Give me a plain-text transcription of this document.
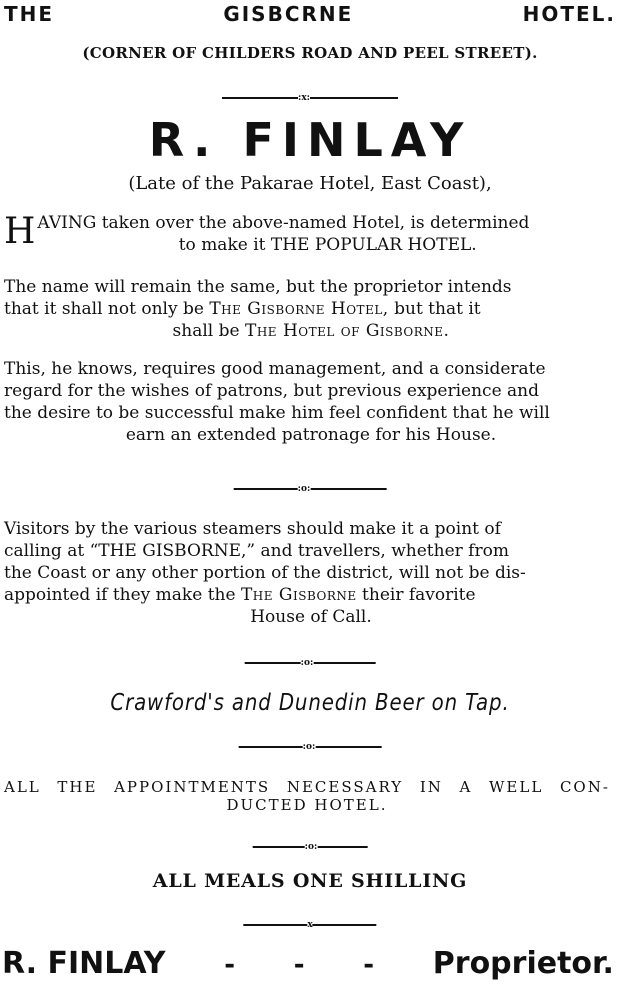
THE	GISBCRNE	HOTEL.
(CORNER OF CHILDERS ROAD AND PEEL STREET).
:x:
R. FINLAY
(Late of the Pakarae Hotel, East Coast),
H AVING taken over the above-named Hotel, is determined

to make it THE POPULAR HOTEL.

The name will remain the same, but the proprietor intends

that it shall not only be The Gisborne Hotel, but that it

shall be The Hotel of Gisborne.

This, he knows, requires good management, and a considerate

regard for the wishes of patrons, but previous experience and

the desire to be successful make him feel confident that he will

earn an extended patronage for his House.

:o:

Visitors by the various steamers should make it a point of

calling at “THE GISBORNE,” and travellers, whether from

the Coast or any other portion of the district, will not be dis-

appointed if they make the The Gisborne their favorite

House of Call.

:o:
Crawford's and Dunedin Beer on Tap.
:o:
ALL THE APPOINTMENTS NECESSARY IN A WELL CON-
DUCTED HOTEL.
:o:
ALL MEALS ONE SHILLING
x
R. FINLAY - - - Proprietor.
